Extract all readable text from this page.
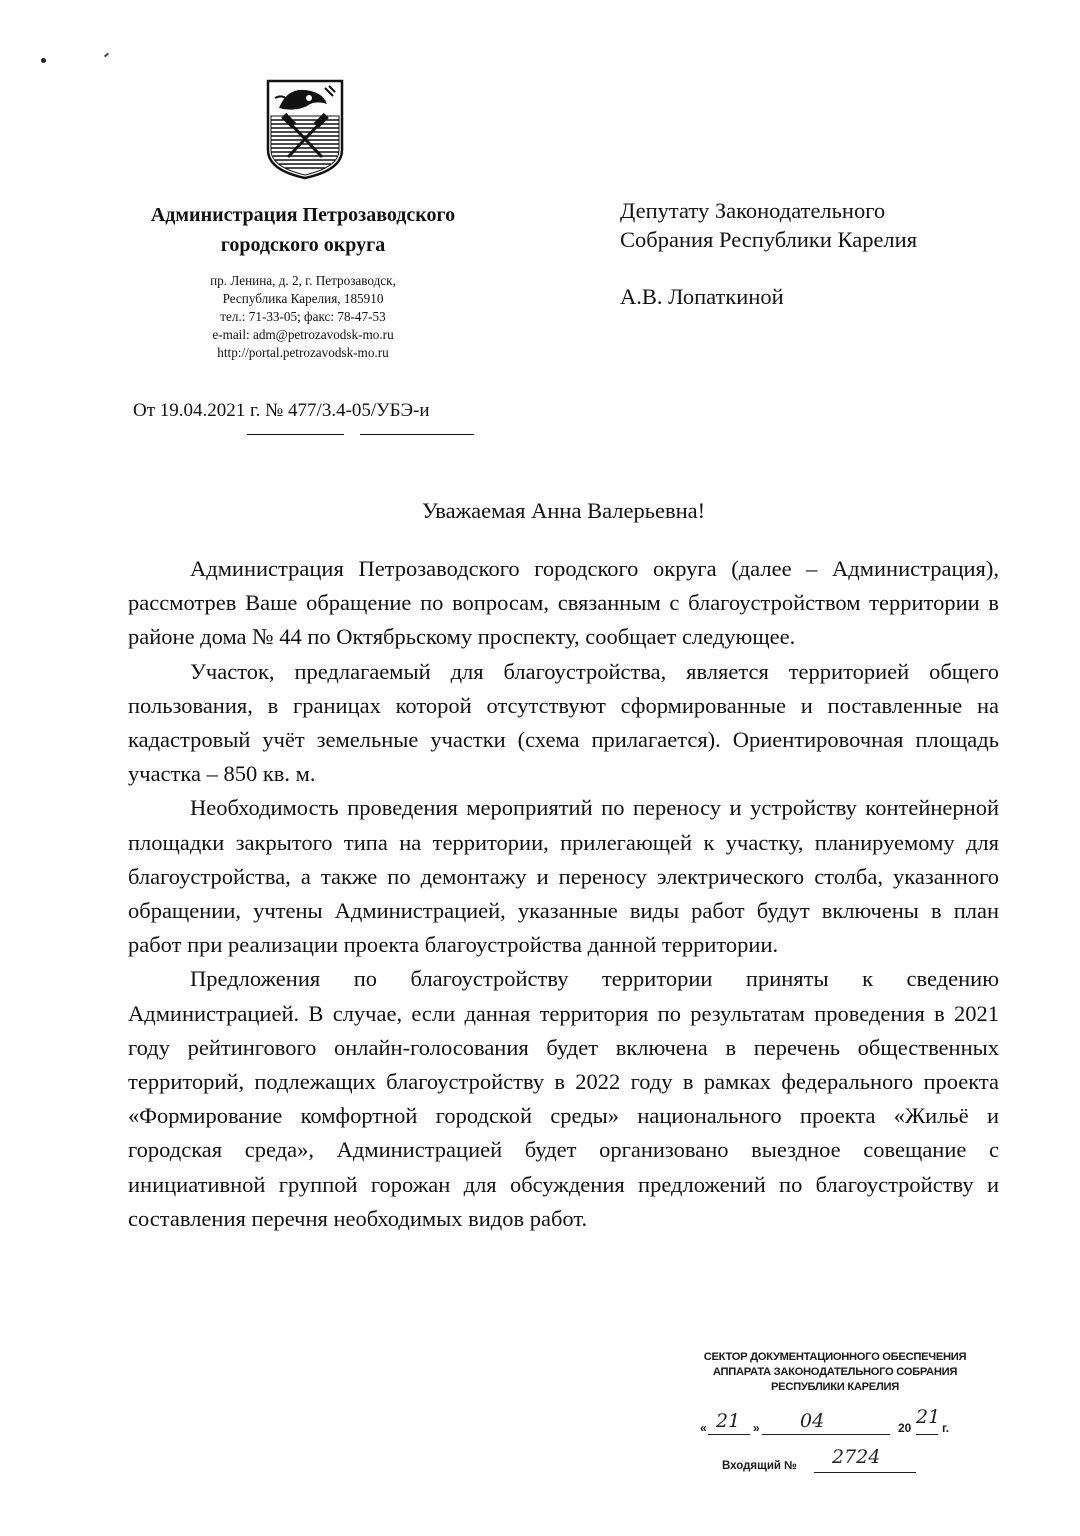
Администрация Петрозаводского
городского округа
пр. Ленина, д. 2, г. Петрозаводск,
Республика Карелия, 185910
тел.: 71-33-05; факс: 78-47-53
e-mail: adm@petrozavodsk-mo.ru
http://portal.petrozavodsk-mo.ru
От 19.04.2021 г. № 477/3.4-05/УБЭ-и
Депутату Законодательного
Собрания Республики Карелия
А.В. Лопаткиной
Уважаемая Анна Валерьевна!

Администрация Петрозаводского городского округа (далее – Администрация), рассмотрев Ваше обращение по вопросам, связанным с благоустройством территории в районе дома № 44 по Октябрьскому проспекту, сообщает следующее.

Участок, предлагаемый для благоустройства, является территорией общего пользования, в границах которой отсутствуют сформированные и поставленные на кадастровый учёт земельные участки (схема прилагается). Ориентировочная площадь участка – 850 кв. м.

Необходимость проведения мероприятий по переносу и устройству контейнерной площадки закрытого типа на территории, прилегающей к участку, планируемому для благоустройства, а также по демонтажу и переносу электрического столба, указанного обращении, учтены Администрацией, указанные виды работ будут включены в план работ при реализации проекта благоустройства данной территории.

Предложения по благоустройству территории приняты к сведению Администрацией. В случае, если данная территория по результатам проведения в 2021 году рейтингового онлайн-голосования будет включена в перечень общественных территорий, подлежащих благоустройству в 2022 году в рамках федерального проекта «Формирование комфортной городской среды» национального проекта «Жильё и городская среда», Администрацией будет организовано выездное совещание с инициативной группой горожан для обсуждения предложений по благоустройству и составления перечня необходимых видов работ.

СЕКТОР ДОКУМЕНТАЦИОННОГО ОБЕСПЕЧЕНИЯ
АППАРАТА ЗАКОНОДАТЕЛЬНОГО СОБРАНИЯ
РЕСПУБЛИКИ КАРЕЛИЯ
« 21 » 04	20 21 г.
Входящий № 2724
